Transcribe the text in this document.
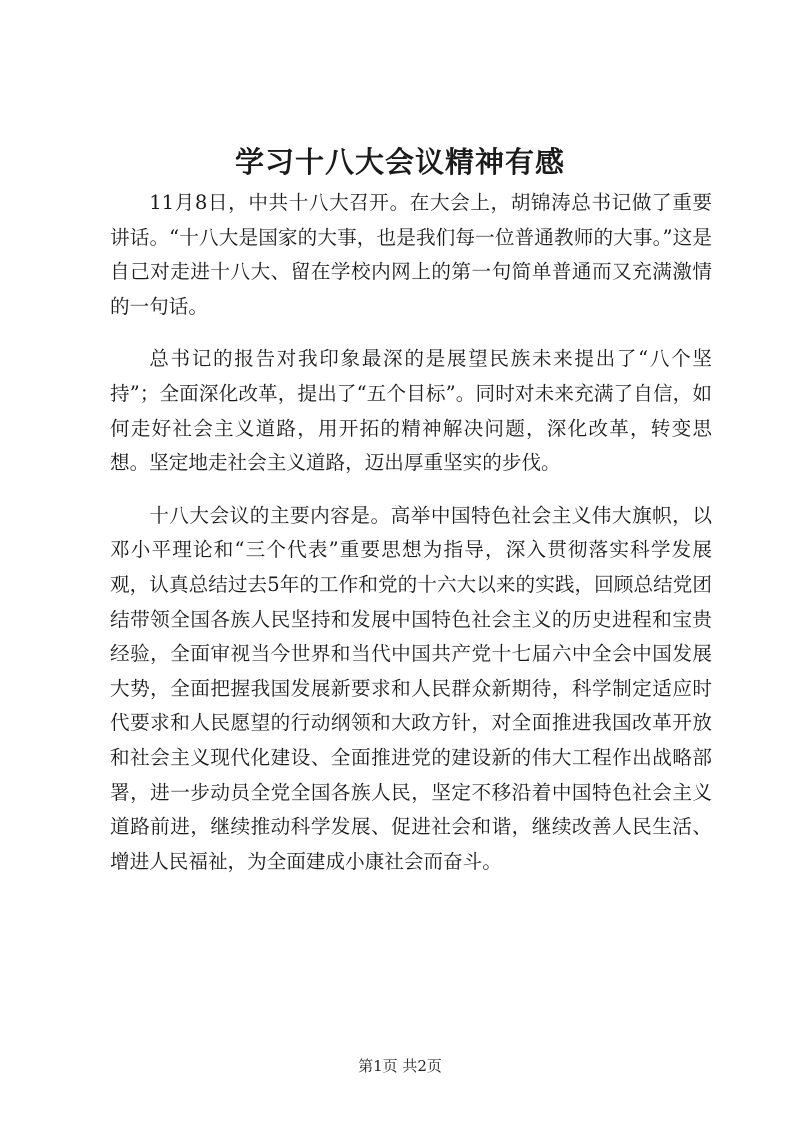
学习十八大会议精神有感

11月8日，中共十八大召开。在大会上，胡锦涛总书记做了重要讲话。“十八大是国家的大事，也是我们每一位普通教师的大事。”这是自己对走进十八大、留在学校内网上的第一句简单普通而又充满激情的一句话。

总书记的报告对我印象最深的是展望民族未来提出了“八个坚持”；全面深化改革，提出了“五个目标”。同时对未来充满了自信，如何走好社会主义道路，用开拓的精神解决问题，深化改革，转变思想。坚定地走社会主义道路，迈出厚重坚实的步伐。

十八大会议的主要内容是。高举中国特色社会主义伟大旗帜，以邓小平理论和“三个代表”重要思想为指导，深入贯彻落实科学发展观，认真总结过去5年的工作和党的十六大以来的实践，回顾总结党团结带领全国各族人民坚持和发展中国特色社会主义的历史进程和宝贵经验，全面审视当今世界和当代中国共产党十七届六中全会中国发展大势，全面把握我国发展新要求和人民群众新期待，科学制定适应时代要求和人民愿望的行动纲领和大政方针，对全面推进我国改革开放和社会主义现代化建设、全面推进党的建设新的伟大工程作出战略部署，进一步动员全党全国各族人民，坚定不移沿着中国特色社会主义道路前进，继续推动科学发展、促进社会和谐，继续改善人民生活、增进人民福祉，为全面建成小康社会而奋斗。

第1页 共2页
